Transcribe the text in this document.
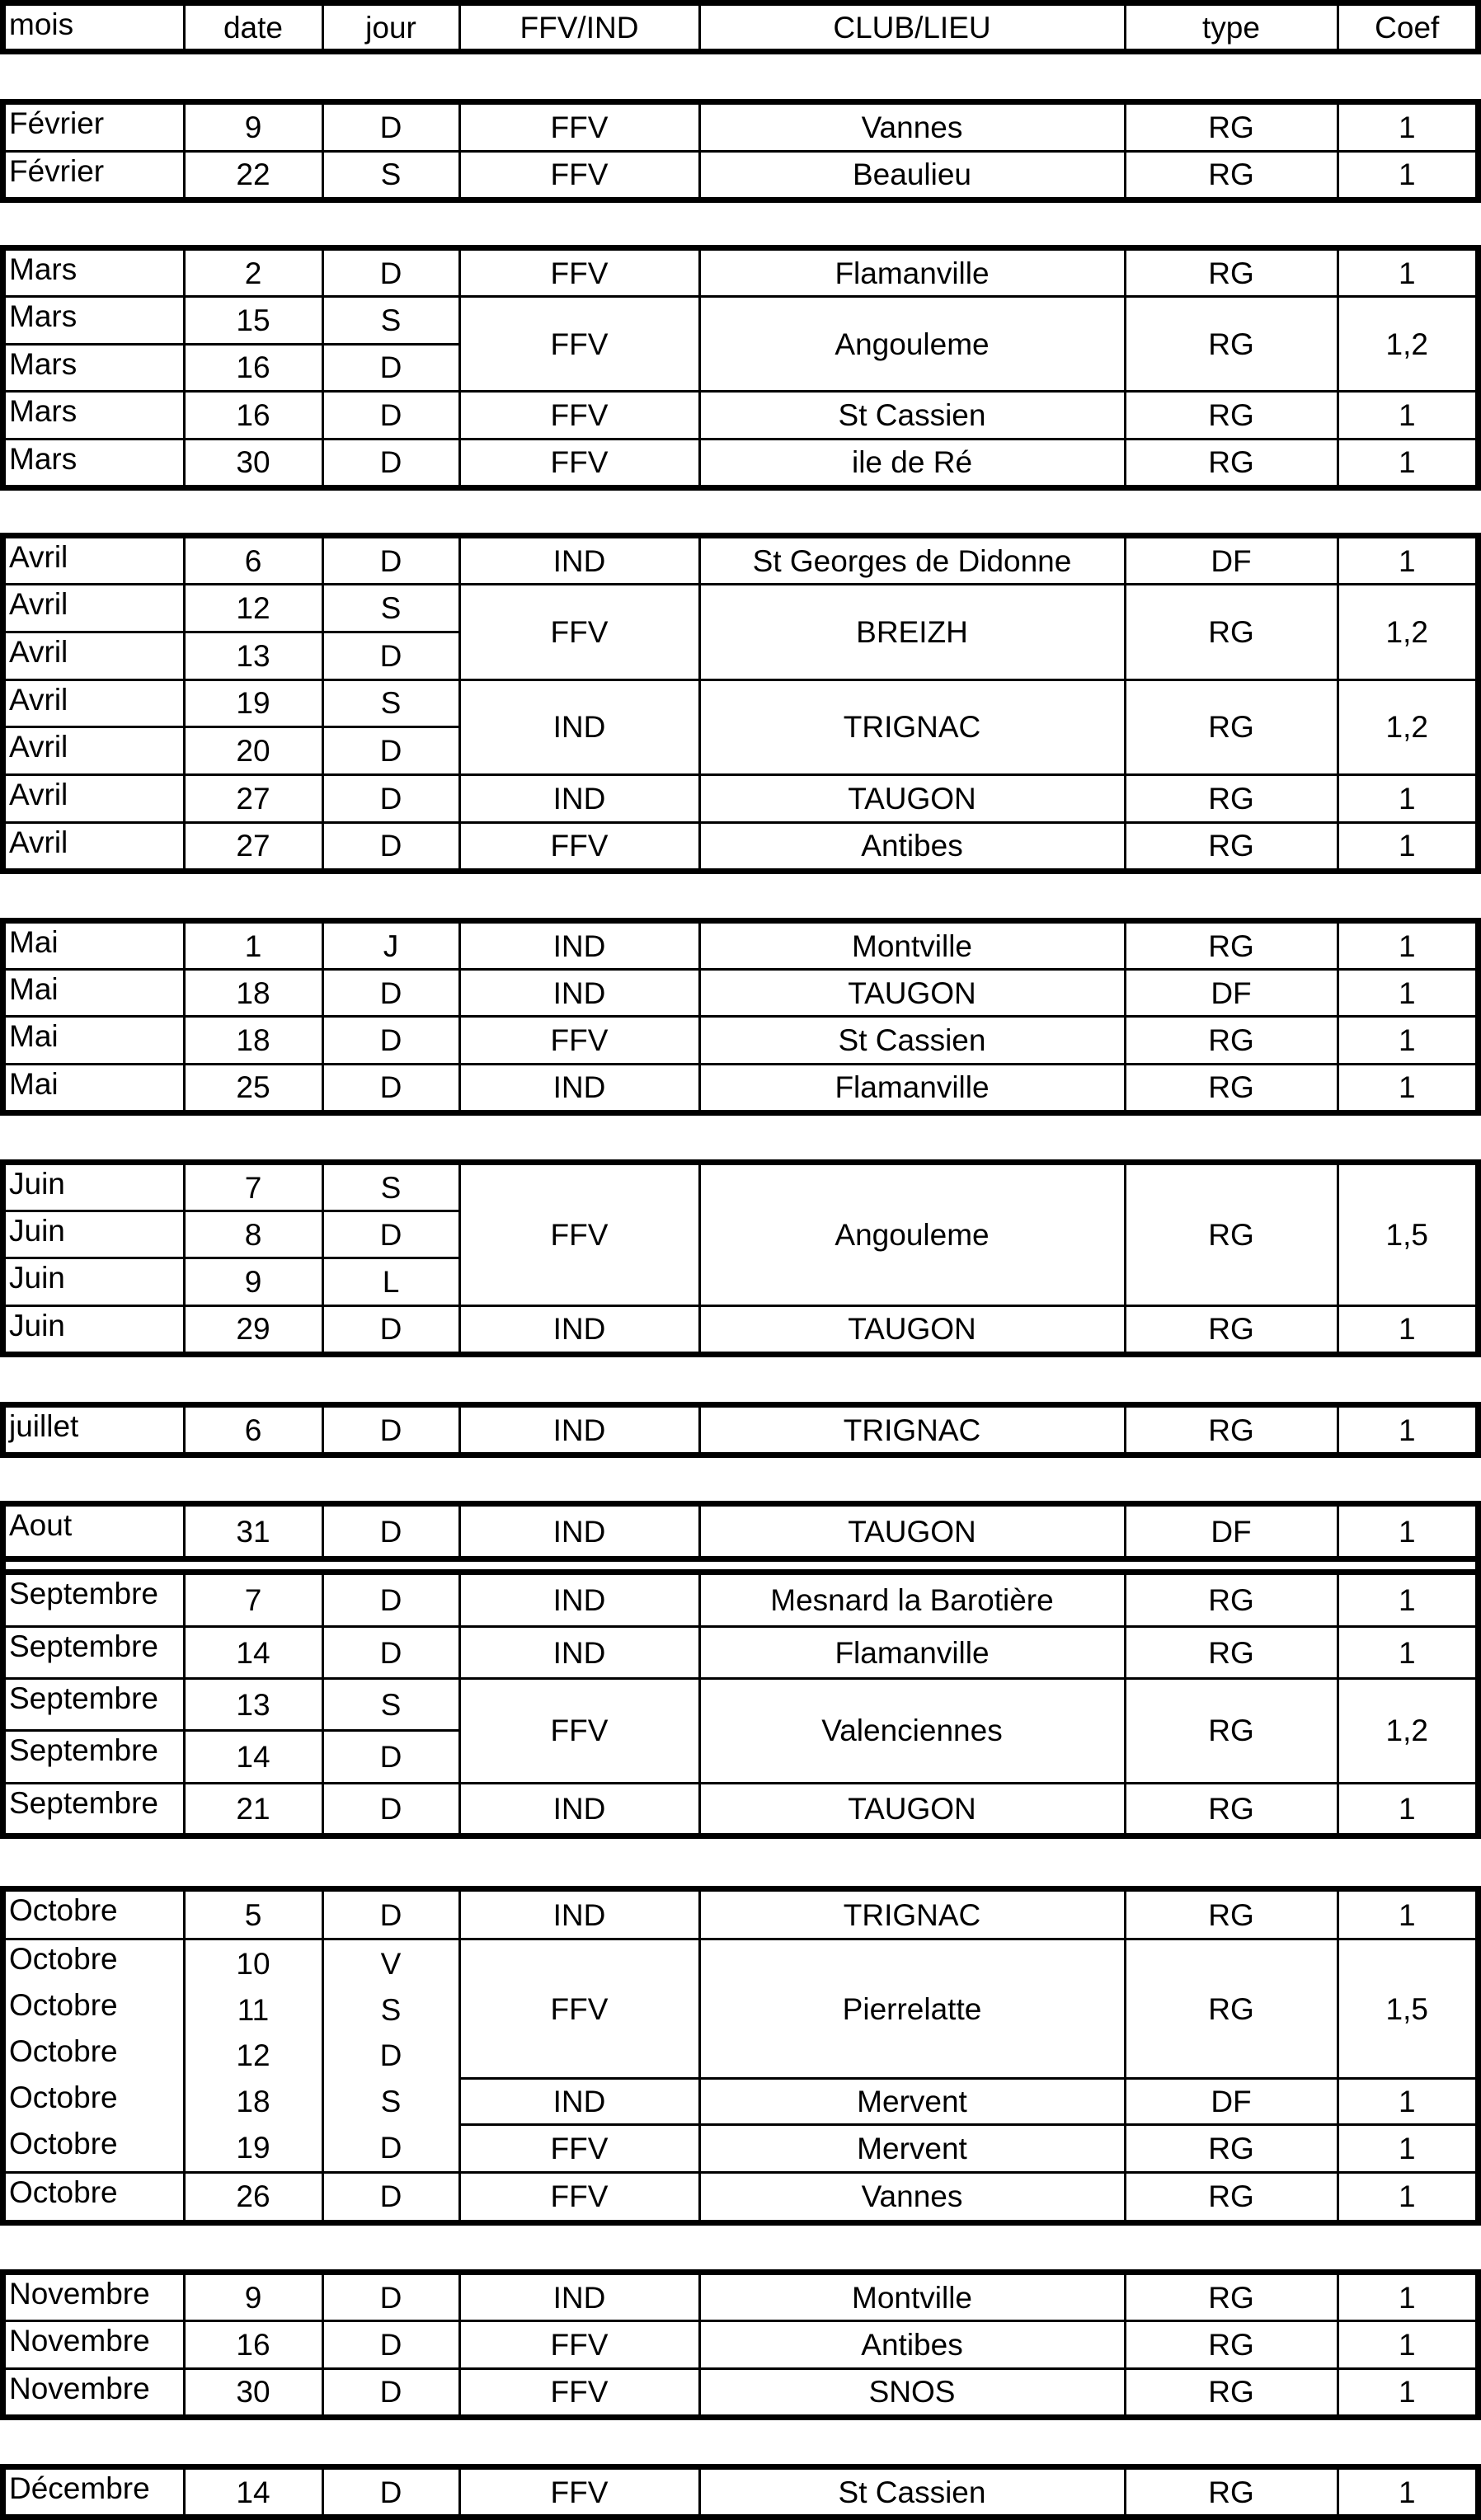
mois	date	jour	FFV/IND	CLUB/LIEU	type	Coef
Février	9	D	FFV	Vannes	RG	1
Février	22	S	FFV	Beaulieu	RG	1
Mars	2	D	FFV	Flamanville	RG	1
Mars	15	S	FFV	Angouleme	RG	1,2
Mars	16	D				
Mars	16	D	FFV	St Cassien	RG	1
Mars	30	D	FFV	ile de Ré	RG	1
Avril	6	D	IND	St Georges de Didonne	DF	1
Avril	12	S	FFV	BREIZH	RG	1,2
Avril	13	D				
Avril	19	S	IND	TRIGNAC	RG	1,2
Avril	20	D				
Avril	27	D	IND	TAUGON	RG	1
Avril	27	D	FFV	Antibes	RG	1
Mai	1	J	IND	Montville	RG	1
Mai	18	D	IND	TAUGON	DF	1
Mai	18	D	FFV	St Cassien	RG	1
Mai	25	D	IND	Flamanville	RG	1
Juin	7	S	FFV	Angouleme	RG	1,5
Juin	8	D				
Juin	9	L				
Juin	29	D	IND	TAUGON	RG	1
juillet	6	D	IND	TRIGNAC	RG	1
Aout	31	D	IND	TAUGON	DF	1

Septembre	7	D	IND	Mesnard la Barotière	RG	1
Septembre	14	D	IND	Flamanville	RG	1
Septembre	13	S	FFV	Valenciennes	RG	1,2
Septembre	14	D				
Septembre	21	D	IND	TAUGON	RG	1
Octobre	5	D	IND	TRIGNAC	RG	1
Octobre	10	V	FFV	Pierrelatte	RG	1,5
Octobre	11	S				
Octobre	12	D				
Octobre	18	S	IND	Mervent	DF	1
Octobre	19	D	FFV	Mervent	RG	1
Octobre	26	D	FFV	Vannes	RG	1
Novembre	9	D	IND	Montville	RG	1
Novembre	16	D	FFV	Antibes	RG	1
Novembre	30	D	FFV	SNOS	RG	1
Décembre	14	D	FFV	St Cassien	RG	1
